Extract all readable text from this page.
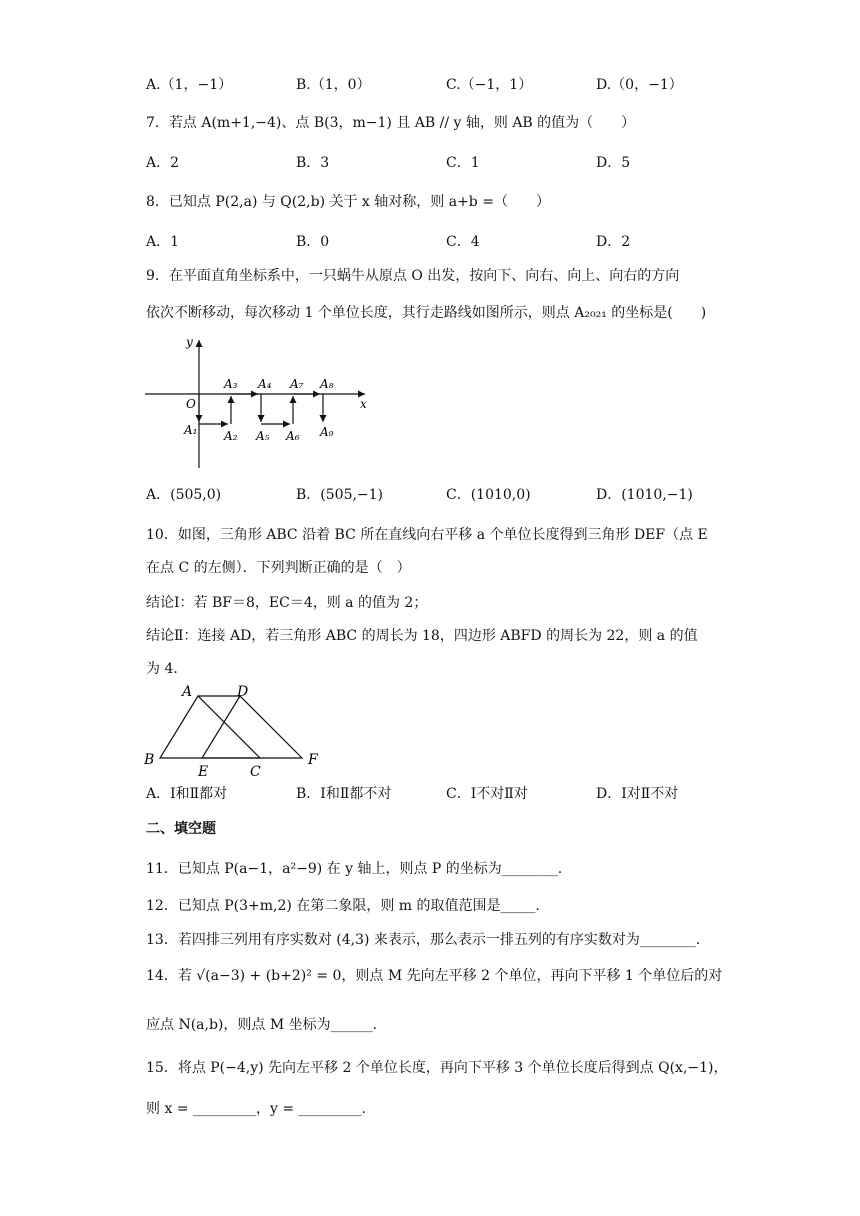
A.（1，−1）	B.（1，0）	C.（−1，1）	D.（0，−1）
7．若点 A(m+1,−4)、点 B(3，m−1) 且 AB // y 轴，则 AB 的值为（　　）
A．2	B．3	C．1	D．5
8．已知点 P(2,a) 与 Q(2,b) 关于 x 轴对称，则 a+b =（　　）
A．1	B．0	C．4	D．2
9．在平面直角坐标系中，一只蜗牛从原点 O 出发，按向下、向右、向上、向右的方向
依次不断移动，每次移动 1 个单位长度，其行走路线如图所示，则点 A₂₀₂₁ 的坐标是(　　)
y
x
O
A₁ A₂
A₃ A₄
A₅ A₆
A₇ A₈
A₉
A．(505,0)	B．(505,−1)	C．(1010,0)	D．(1010,−1)
10．如图，三角形 ABC 沿着 BC 所在直线向右平移 a 个单位长度得到三角形 DEF（点 E
在点 C 的左侧）．下列判断正确的是（　）
结论Ⅰ：若 BF＝8，EC＝4，则 a 的值为 2；
结论Ⅱ：连接 AD，若三角形 ABC 的周长为 18，四边形 ABFD 的周长为 22，则 a 的值
为 4．
A	D
B
E	C
F
A．Ⅰ和Ⅱ都对	B．Ⅰ和Ⅱ都不对	C．Ⅰ不对Ⅱ对	D．Ⅰ对Ⅱ不对
二、填空题
11．已知点 P(a−1，a²−9) 在 y 轴上，则点 P 的坐标为________.
12．已知点 P(3+m,2) 在第二象限，则 m 的取值范围是_____.
13．若四排三列用有序实数对 (4,3) 来表示，那么表示一排五列的有序实数对为________.
14．若 √(a−3) + (b+2)² = 0，则点 M 先向左平移 2 个单位，再向下平移 1 个单位后的对
应点 N(a,b)，则点 M 坐标为______.
15．将点 P(−4,y) 先向左平移 2 个单位长度，再向下平移 3 个单位长度后得到点 Q(x,−1)，
则 x = _________，y = _________.
